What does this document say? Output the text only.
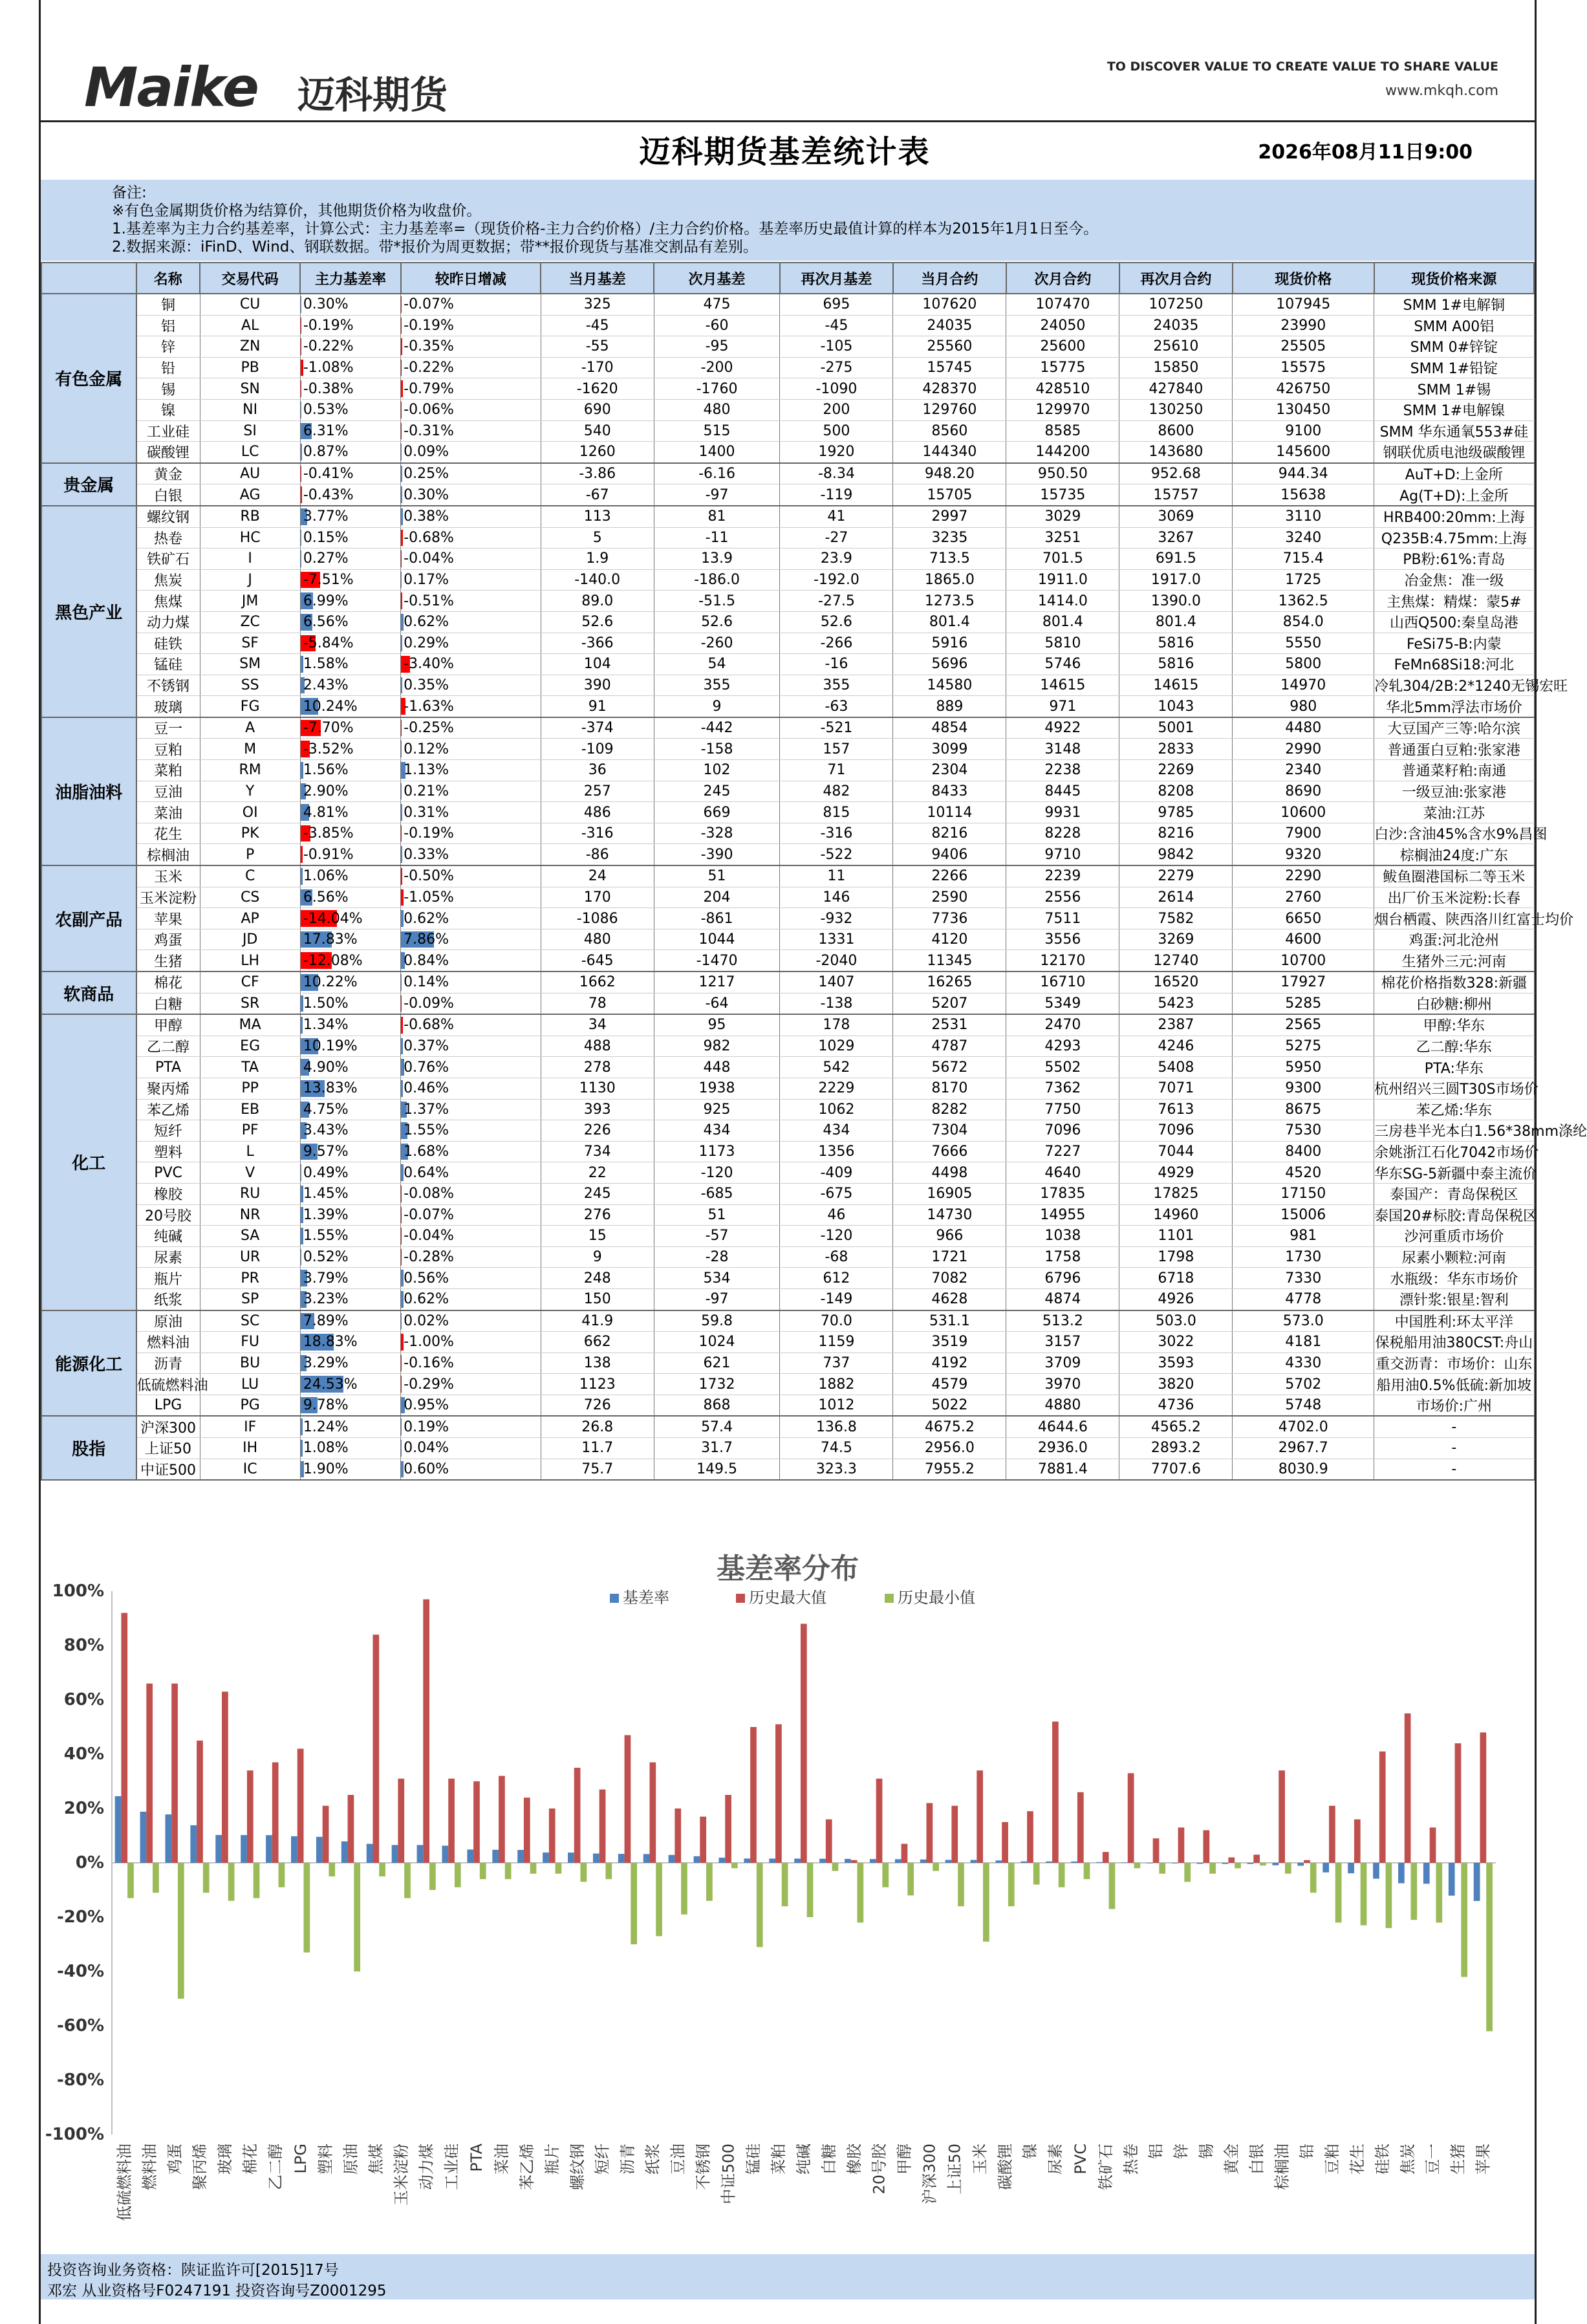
Maike 迈科期货
TO DISCOVER VALUE TO CREATE VALUE TO SHARE VALUE
www.mkqh.com
迈科期货基差统计表	2026年08月11日9:00
备注:
※有色金属期货价格为结算价，其他期货价格为收盘价。
1.基差率为主力合约基差率，计算公式：主力基差率=（现货价格-主力合约价格）/主力合约价格。基差率历史最值计算的样本为2015年1月1日至今。
2.数据来源：iFinD、Wind、钢联数据。带*报价为周更数据；带**报价现货与基准交割品有差别。
	名称	交易代码	主力基差率	较昨日增减	当月基差	次月基差	再次月基差	当月合约	次月合约	再次月合约	现货价格	现货价格来源
有色金属	铜	CU	0.30%	-0.07%	325	475	695	107620	107470	107250	107945	SMM 1#电解铜
	铝	AL	-0.19%	-0.19%	-45	-60	-45	24035	24050	24035	23990	SMM A00铝
	锌	ZN	-0.22%	-0.35%	-55	-95	-105	25560	25600	25610	25505	SMM 0#锌锭
	铅	PB	-1.08%	-0.22%	-170	-200	-275	15745	15775	15850	15575	SMM 1#铅锭
	锡	SN	-0.38%	-0.79%	-1620	-1760	-1090	428370	428510	427840	426750	SMM 1#锡
	镍	NI	0.53%	-0.06%	690	480	200	129760	129970	130250	130450	SMM 1#电解镍
	工业硅	SI	6.31%	-0.31%	540	515	500	8560	8585	8600	9100	SMM 华东通氧553#硅
	碳酸锂	LC	0.87%	0.09%	1260	1400	1920	144340	144200	143680	145600	钢联优质电池级碳酸锂
贵金属	黄金	AU	-0.41%	0.25%	-3.86	-6.16	-8.34	948.20	950.50	952.68	944.34	AuT+D:上金所
	白银	AG	-0.43%	0.30%	-67	-97	-119	15705	15735	15757	15638	Ag(T+D):上金所
黑色产业	螺纹钢	RB	3.77%	0.38%	113	81	41	2997	3029	3069	3110	HRB400:20mm:上海
	热卷	HC	0.15%	-0.68%	5	-11	-27	3235	3251	3267	3240	Q235B:4.75mm:上海
	铁矿石	I	0.27%	-0.04%	1.9	13.9	23.9	713.5	701.5	691.5	715.4	PB粉:61%:青岛
	焦炭	J	-7.51%	0.17%	-140.0	-186.0	-192.0	1865.0	1911.0	1917.0	1725	冶金焦：准一级
	焦煤	JM	6.99%	-0.51%	89.0	-51.5	-27.5	1273.5	1414.0	1390.0	1362.5	主焦煤：精煤：蒙5#
	动力煤	ZC	6.56%	0.62%	52.6	52.6	52.6	801.4	801.4	801.4	854.0	山西Q500:秦皇岛港
	硅铁	SF	-5.84%	0.29%	-366	-260	-266	5916	5810	5816	5550	FeSi75-B:内蒙
	锰硅	SM	1.58%	-3.40%	104	54	-16	5696	5746	5816	5800	FeMn68Si18:河北
	不锈钢	SS	2.43%	0.35%	390	355	355	14580	14615	14615	14970	冷轧304/2B:2*1240无锡宏旺
	玻璃	FG	10.24%	-1.63%	91	9	-63	889	971	1043	980	华北5mm浮法市场价
油脂油料	豆一	A	-7.70%	-0.25%	-374	-442	-521	4854	4922	5001	4480	大豆国产三等:哈尔滨
	豆粕	M	-3.52%	0.12%	-109	-158	157	3099	3148	2833	2990	普通蛋白豆粕:张家港
	菜粕	RM	1.56%	1.13%	36	102	71	2304	2238	2269	2340	普通菜籽粕:南通
	豆油	Y	2.90%	0.21%	257	245	482	8433	8445	8208	8690	一级豆油:张家港
	菜油	OI	4.81%	0.31%	486	669	815	10114	9931	9785	10600	菜油:江苏
	花生	PK	-3.85%	-0.19%	-316	-328	-316	8216	8228	8216	7900	白沙:含油45%含水9%昌图
	棕榈油	P	-0.91%	0.33%	-86	-390	-522	9406	9710	9842	9320	棕榈油24度:广东
农副产品	玉米	C	1.06%	-0.50%	24	51	11	2266	2239	2279	2290	鲅鱼圈港国标二等玉米
	玉米淀粉	CS	6.56%	-1.05%	170	204	146	2590	2556	2614	2760	出厂价玉米淀粉:长春
	苹果	AP	-14.04%	0.62%	-1086	-861	-932	7736	7511	7582	6650	烟台栖霞、陕西洛川红富士均价
	鸡蛋	JD	17.83%	7.86%	480	1044	1331	4120	3556	3269	4600	鸡蛋:河北沧州
	生猪	LH	-12.08%	0.84%	-645	-1470	-2040	11345	12170	12740	10700	生猪外三元:河南
软商品	棉花	CF	10.22%	0.14%	1662	1217	1407	16265	16710	16520	17927	棉花价格指数328:新疆
	白糖	SR	1.50%	-0.09%	78	-64	-138	5207	5349	5423	5285	白砂糖:柳州
化工	甲醇	MA	1.34%	-0.68%	34	95	178	2531	2470	2387	2565	甲醇:华东
	乙二醇	EG	10.19%	0.37%	488	982	1029	4787	4293	4246	5275	乙二醇:华东
	PTA	TA	4.90%	0.76%	278	448	542	5672	5502	5408	5950	PTA:华东
	聚丙烯	PP	13.83%	0.46%	1130	1938	2229	8170	7362	7071	9300	杭州绍兴三圆T30S市场价
	苯乙烯	EB	4.75%	1.37%	393	925	1062	8282	7750	7613	8675	苯乙烯:华东
	短纤	PF	3.43%	1.55%	226	434	434	7304	7096	7096	7530	三房巷半光本白1.56*38mm涤纶
	塑料	L	9.57%	1.68%	734	1173	1356	7666	7227	7044	8400	余姚浙江石化7042市场价
	PVC	V	0.49%	0.64%	22	-120	-409	4498	4640	4929	4520	华东SG-5新疆中泰主流价
	橡胶	RU	1.45%	-0.08%	245	-685	-675	16905	17835	17825	17150	泰国产：青岛保税区
	20号胶	NR	1.39%	-0.07%	276	51	46	14730	14955	14960	15006	泰国20#标胶:青岛保税区
	纯碱	SA	1.55%	-0.04%	15	-57	-120	966	1038	1101	981	沙河重质市场价
	尿素	UR	0.52%	-0.28%	9	-28	-68	1721	1758	1798	1730	尿素小颗粒:河南
	瓶片	PR	3.79%	0.56%	248	534	612	7082	6796	6718	7330	水瓶级：华东市场价
	纸浆	SP	3.23%	0.62%	150	-97	-149	4628	4874	4926	4778	漂针浆:银星:智利
能源化工	原油	SC	7.89%	0.02%	41.9	59.8	70.0	531.1	513.2	503.0	573.0	中国胜利:环太平洋
	燃料油	FU	18.83%	-1.00%	662	1024	1159	3519	3157	3022	4181	保税船用油380CST:舟山
	沥青	BU	3.29%	-0.16%	138	621	737	4192	3709	3593	4330	重交沥青：市场价：山东
	低硫燃料油	LU	24.53%	-0.29%	1123	1732	1882	4579	3970	3820	5702	船用油0.5%低硫:新加坡
	LPG	PG	9.78%	0.95%	726	868	1012	5022	4880	4736	5748	市场价:广州
股指	沪深300	IF	1.24%	0.19%	26.8	57.4	136.8	4675.2	4644.6	4565.2	4702.0	-
	上证50	IH	1.08%	0.04%	11.7	31.7	74.5	2956.0	2936.0	2893.2	2967.7	-
	中证500	IC	1.90%	0.60%	75.7	149.5	323.3	7955.2	7881.4	7707.6	8030.9	-
基差率分布
基差率	历史最大值	历史最小值
100%
80%
60%
40%
20%
0%
-20%
-40%
-60%
-80%
-100%
低硫燃料油 燃料油 鸡蛋 聚丙烯 玻璃 棉花 乙二醇 LPG 塑料 原油 焦煤 玉米淀粉 动力煤 工业硅 PTA 菜油 苯乙烯 瓶片 螺纹钢 短纤 沥青 纸浆 豆油 不锈钢 中证500 锰硅 菜粕 纯碱 白糖 橡胶 20号胶 甲醇 沪深300 上证50 玉米 碳酸锂 镍 尿素 PVC 铁矿石 热卷 铝 锌 锡 黄金 白银 棕榈油 铅 豆粕 花生 硅铁 焦炭 豆一 生猪 苹果
投资咨询业务资格：陕证监许可[2015]17号
邓宏 从业资格号F0247191 投资咨询号Z0001295
